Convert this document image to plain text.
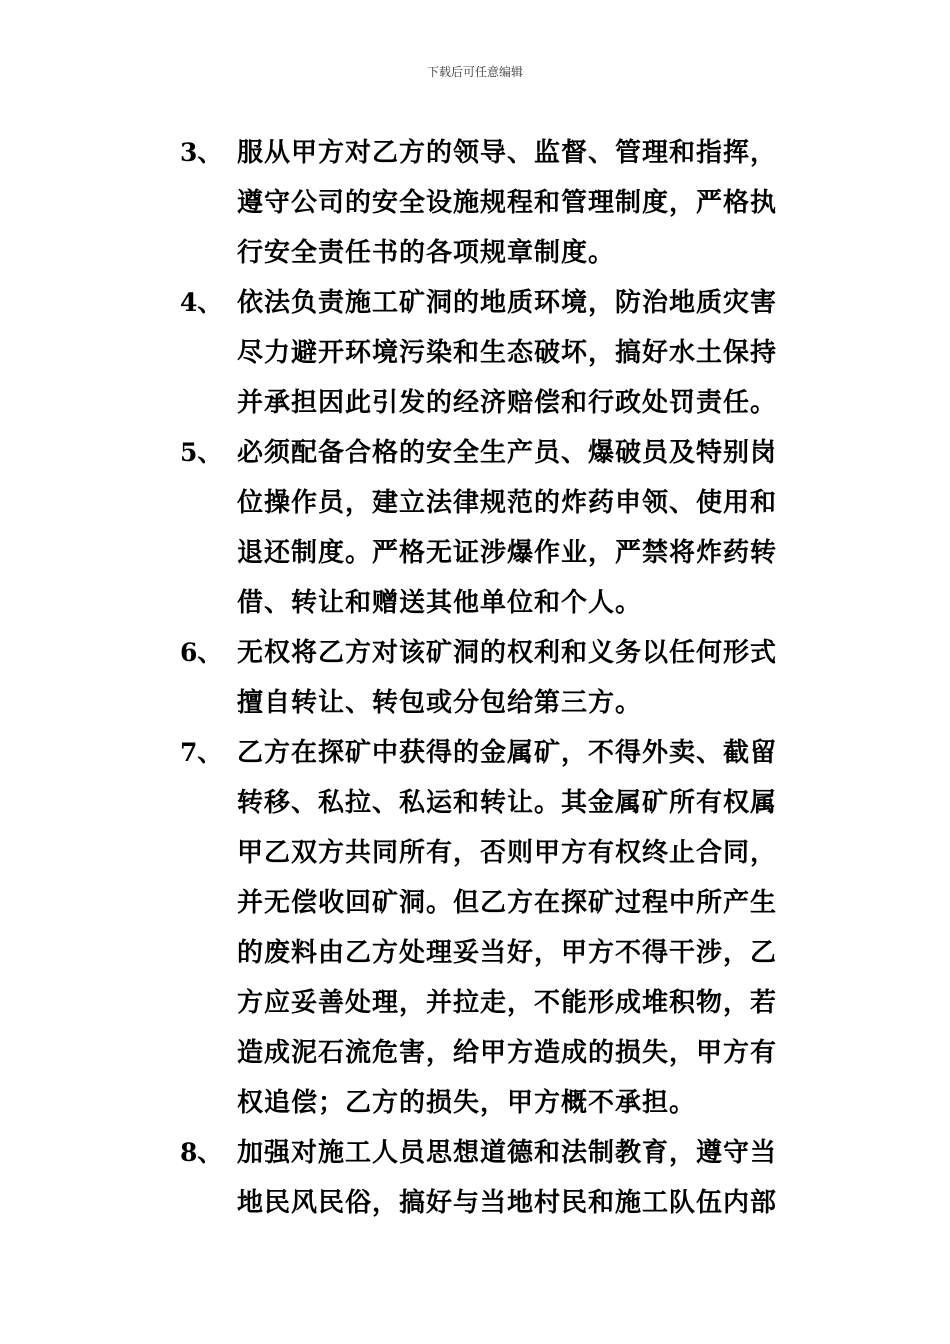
下载后可任意编辑
3、 服从甲方对乙方的领导、监督、管理和指挥，
遵守公司的安全设施规程和管理制度，严格执
行安全责任书的各项规章制度。
4、 依法负责施工矿洞的地质环境，防治地质灾害
尽力避开环境污染和生态破坏，搞好水土保持
并承担因此引发的经济赔偿和行政处罚责任。
5、 必须配备合格的安全生产员、爆破员及特别岗
位操作员，建立法律规范的炸药申领、使用和
退还制度。严格无证涉爆作业，严禁将炸药转
借、转让和赠送其他单位和个人。
6、 无权将乙方对该矿洞的权利和义务以任何形式
擅自转让、转包或分包给第三方。
7、 乙方在探矿中获得的金属矿，不得外卖、截留
转移、私拉、私运和转让。其金属矿所有权属
甲乙双方共同所有，否则甲方有权终止合同，
并无偿收回矿洞。但乙方在探矿过程中所产生
的废料由乙方处理妥当好，甲方不得干涉，乙
方应妥善处理，并拉走，不能形成堆积物，若
造成泥石流危害，给甲方造成的损失，甲方有
权追偿；乙方的损失，甲方概不承担。
8、 加强对施工人员思想道德和法制教育，遵守当
地民风民俗，搞好与当地村民和施工队伍内部
